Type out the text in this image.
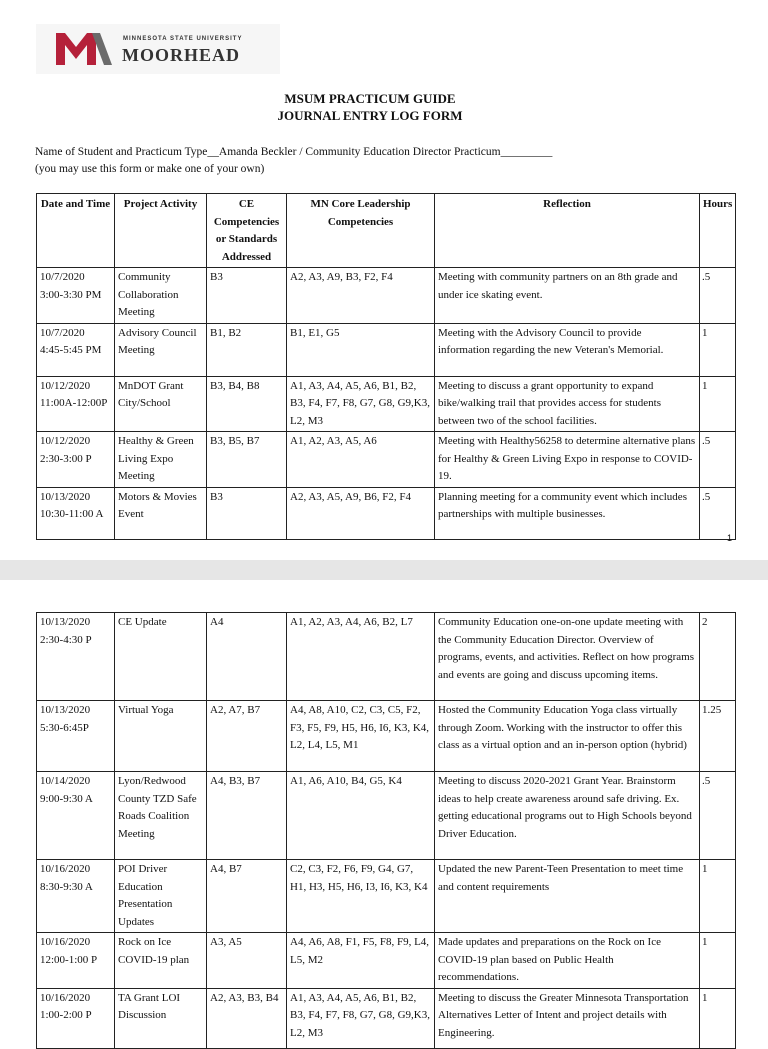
MINNESOTA STATE UNIVERSITY
MOORHEAD
MSUM PRACTICUM GUIDE
JOURNAL ENTRY LOG FORM
Name of Student and Practicum Type__Amanda Beckler / Community Education Director Practicum_________
(you may use this form or make one of your own)
Date and Time	Project Activity	CE Competencies or Standards Addressed	MN Core Leadership Competencies	Reflection	Hours

10/7/2020
3:00-3:30 PM	Community Collaboration Meeting	B3	A2, A3, A9, B3, F2, F4	Meeting with community partners on an 8th grade and under ice skating event.	.5

10/7/2020
4:45-5:45 PM	Advisory Council Meeting	B1, B2	B1, E1, G5	Meeting with the Advisory Council to provide information regarding the new Veteran's Memorial.	1

10/12/2020
11:00A-12:00P	MnDOT Grant City/School	B3, B4, B8	A1, A3, A4, A5, A6, B1, B2, B3, F4, F7, F8, G7, G8, G9,K3, L2, M3	Meeting to discuss a grant opportunity to expand bike/walking trail that provides access for students between two of the school facilities.	1

10/12/2020
2:30-3:00 P	Healthy & Green Living Expo Meeting	B3, B5, B7	A1, A2, A3, A5, A6	Meeting with Healthy56258 to determine alternative plans for Healthy & Green Living Expo in response to COVID-19.	.5

10/13/2020
10:30-11:00 A	Motors & Movies Event	B3	A2, A3, A5, A9, B6, F2, F4	Planning meeting for a community event which includes partnerships with multiple businesses.	.5
1
10/13/2020
2:30-4:30 P	CE Update	A4	A1, A2, A3, A4, A6, B2, L7	Community Education one-on-one update meeting with the Community Education Director. Overview of programs, events, and activities. Reflect on how programs and events are going and discuss upcoming items.	2

10/13/2020
5:30-6:45P	Virtual Yoga	A2, A7, B7	A4, A8, A10, C2, C3, C5, F2, F3, F5, F9, H5, H6, I6, K3, K4, L2, L4, L5, M1	Hosted the Community Education Yoga class virtually through Zoom. Working with the instructor to offer this class as a virtual option and an in-person option (hybrid)	1.25

10/14/2020
9:00-9:30 A	Lyon/Redwood County TZD Safe Roads Coalition Meeting	A4, B3, B7	A1, A6, A10, B4, G5, K4	Meeting to discuss 2020-2021 Grant Year. Brainstorm ideas to help create awareness around safe driving. Ex. getting educational programs out to High Schools beyond Driver Education.	.5

10/16/2020
8:30-9:30 A	POI Driver Education Presentation Updates	A4, B7	C2, C3, F2, F6, F9, G4, G7, H1, H3, H5, H6, I3, I6, K3, K4	Updated the new Parent-Teen Presentation to meet time and content requirements	1

10/16/2020
12:00-1:00 P	Rock on Ice COVID-19 plan	A3, A5	A4, A6, A8, F1, F5, F8, F9, L4, L5, M2	Made updates and preparations on the Rock on Ice COVID-19 plan based on Public Health recommendations.	1

10/16/2020
1:00-2:00 P	TA Grant LOI Discussion	A2, A3, B3, B4	A1, A3, A4, A5, A6, B1, B2, B3, F4, F7, F8, G7, G8, G9,K3, L2, M3	Meeting to discuss the Greater Minnesota Transportation Alternatives Letter of Intent and project details with Engineering.	1
